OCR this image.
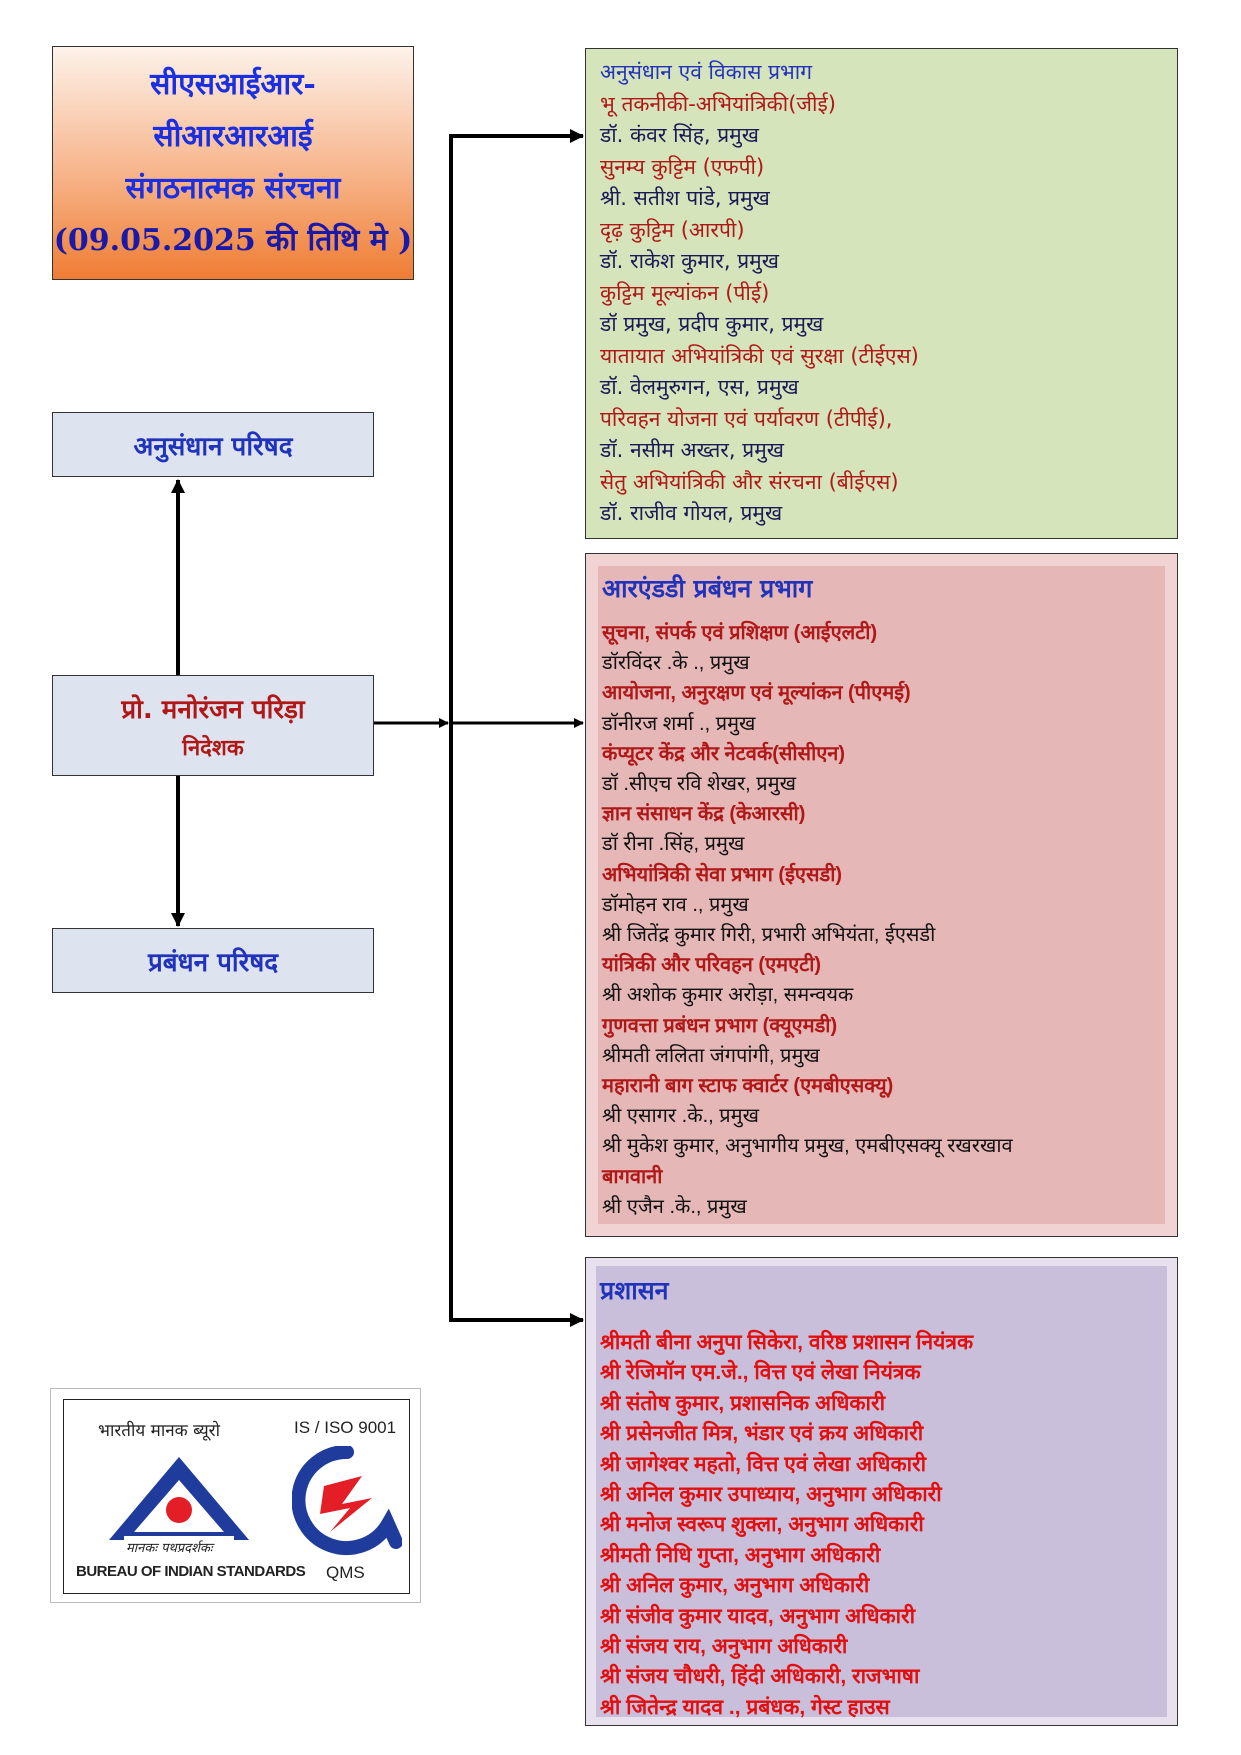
सीएसआईआर-
सीआरआरआई
संगठनात्मक संरचना
(09.05.2025 की तिथि मे )
अनुसंधान परिषद
प्रो. मनोरंजन परिड़ा
निदेशक
प्रबंधन परिषद
अनुसंधान एवं विकास प्रभाग
भू तकनीकी-अभियांत्रिकी(जीई)
डॉ. कंवर सिंह, प्रमुख
सुनम्य कुट्टिम (एफपी)
श्री. सतीश पांडे, प्रमुख
दृढ़ कुट्टिम (आरपी)
डॉ. राकेश कुमार, प्रमुख
कुट्टिम मूल्यांकन (पीई)
डॉ प्रमुख, प्रदीप कुमार, प्रमुख
यातायात अभियांत्रिकी एवं सुरक्षा (टीईएस)
डॉ. वेलमुरुगन, एस, प्रमुख
परिवहन योजना एवं पर्यावरण (टीपीई),
डॉ. नसीम अख्तर, प्रमुख
सेतु अभियांत्रिकी और संरचना (बीईएस)
डॉ. राजीव गोयल, प्रमुख
आरएंडडी प्रबंधन प्रभाग
सूचना, संपर्क एवं प्रशिक्षण (आईएलटी)
डॉरविंदर .के ., प्रमुख
आयोजना, अनुरक्षण एवं मूल्यांकन (पीएमई)
डॉनीरज शर्मा ., प्रमुख
कंप्यूटर केंद्र और नेटवर्क(सीसीएन)
डॉ .सीएच रवि शेखर, प्रमुख
ज्ञान संसाधन केंद्र (केआरसी)
डॉ रीना .सिंह, प्रमुख
अभियांत्रिकी सेवा प्रभाग (ईएसडी)
डॉमोहन राव ., प्रमुख
श्री जितेंद्र कुमार गिरी, प्रभारी अभियंता, ईएसडी
यांत्रिकी और परिवहन (एमएटी)
श्री अशोक कुमार अरोड़ा, समन्वयक
गुणवत्ता प्रबंधन प्रभाग (क्यूएमडी)
श्रीमती ललिता जंगपांगी, प्रमुख
महारानी बाग स्टाफ क्वार्टर (एमबीएसक्यू)
श्री एसागर .के., प्रमुख
श्री मुकेश कुमार, अनुभागीय प्रमुख, एमबीएसक्यू रखरखाव
बागवानी
श्री एजैन .के., प्रमुख
प्रशासन
श्रीमती बीना अनुपा सिकेरा, वरिष्ठ प्रशासन नियंत्रक
श्री रेजिमॉन एम.जे., वित्त एवं लेखा नियंत्रक
श्री संतोष कुमार, प्रशासनिक अधिकारी
श्री प्रसेनजीत मित्र, भंडार एवं क्रय अधिकारी
श्री जागेश्वर महतो, वित्त एवं लेखा अधिकारी
श्री अनिल कुमार उपाध्याय, अनुभाग अधिकारी
श्री मनोज स्वरूप शुक्ला, अनुभाग अधिकारी
श्रीमती निधि गुप्ता, अनुभाग अधिकारी
श्री अनिल कुमार, अनुभाग अधिकारी
श्री संजीव कुमार यादव, अनुभाग अधिकारी
श्री संजय राय, अनुभाग अधिकारी
श्री संजय चौधरी, हिंदी अधिकारी, राजभाषा
श्री जितेन्द्र यादव ., प्रबंधक, गेस्ट हाउस
भारतीय मानक ब्यूरो	IS / ISO 9001
मानकः पथप्रदर्शकः
BUREAU OF INDIAN STANDARDS QMS
